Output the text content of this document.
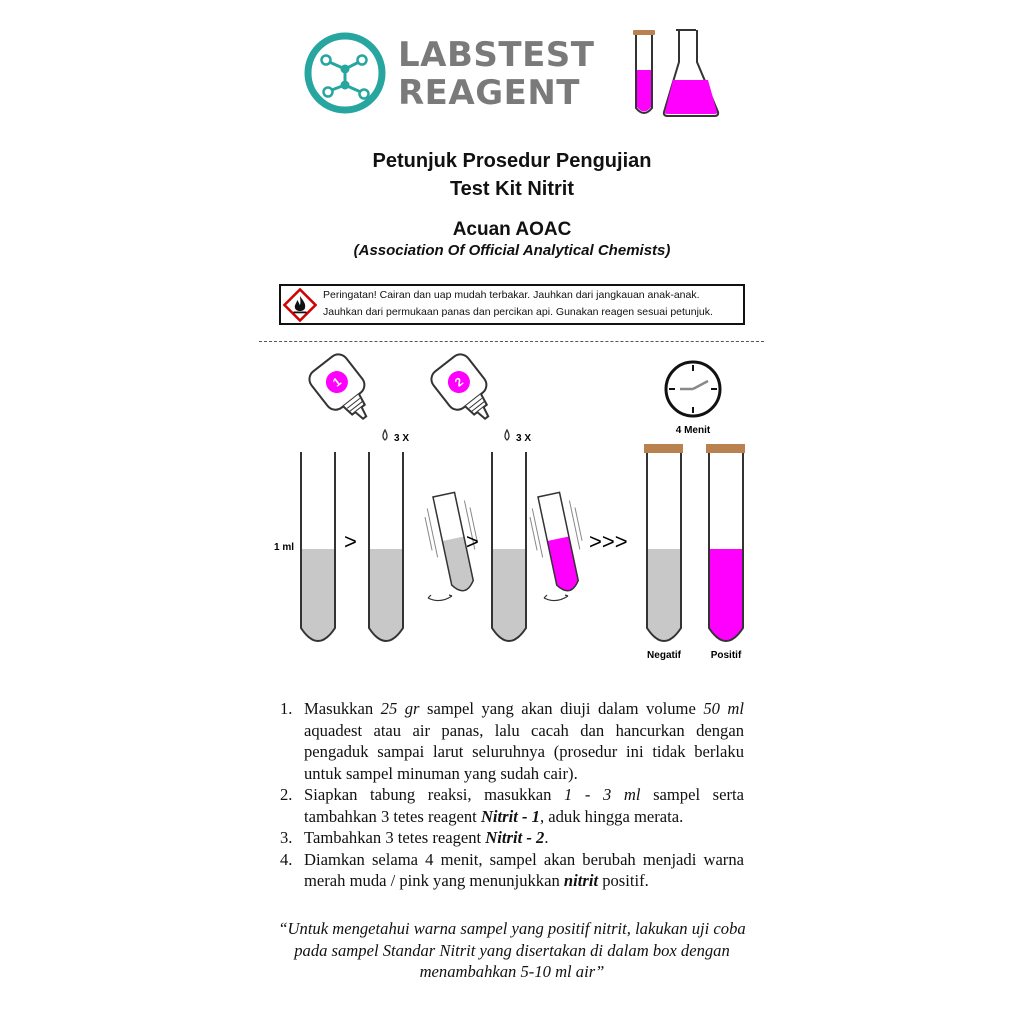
LABSTEST
REAGENT
Petunjuk Prosedur Pengujian
Test Kit Nitrit
Acuan AOAC
(Association Of Official Analytical Chemists)
Peringatan! Cairan dan uap mudah terbakar. Jauhkan dari jangkauan anak-anak.
Jauhkan dari permukaan panas dan percikan api. Gunakan reagen sesuai petunjuk.
1
3 X
2
3 X
4 Menit
1 ml >	>	>>>
Negatif	Positif
1. Masukkan 25 gr sampel yang akan diuji dalam volume 50 ml aquadest atau air panas, lalu cacah dan hancurkan dengan pengaduk sampai larut seluruhnya (prosedur ini tidak berlaku untuk sampel minuman yang sudah cair).
2. Siapkan tabung reaksi, masukkan 1 - 3 ml sampel serta tambahkan 3 tetes reagent Nitrit - 1, aduk hingga merata.
3. Tambahkan 3 tetes reagent Nitrit - 2.
4. Diamkan selama 4 menit, sampel akan berubah menjadi warna merah muda / pink yang menunjukkan nitrit positif.
“Untuk mengetahui warna sampel yang positif nitrit, lakukan uji coba pada sampel Standar Nitrit yang disertakan di dalam box dengan menambahkan 5-10 ml air”
